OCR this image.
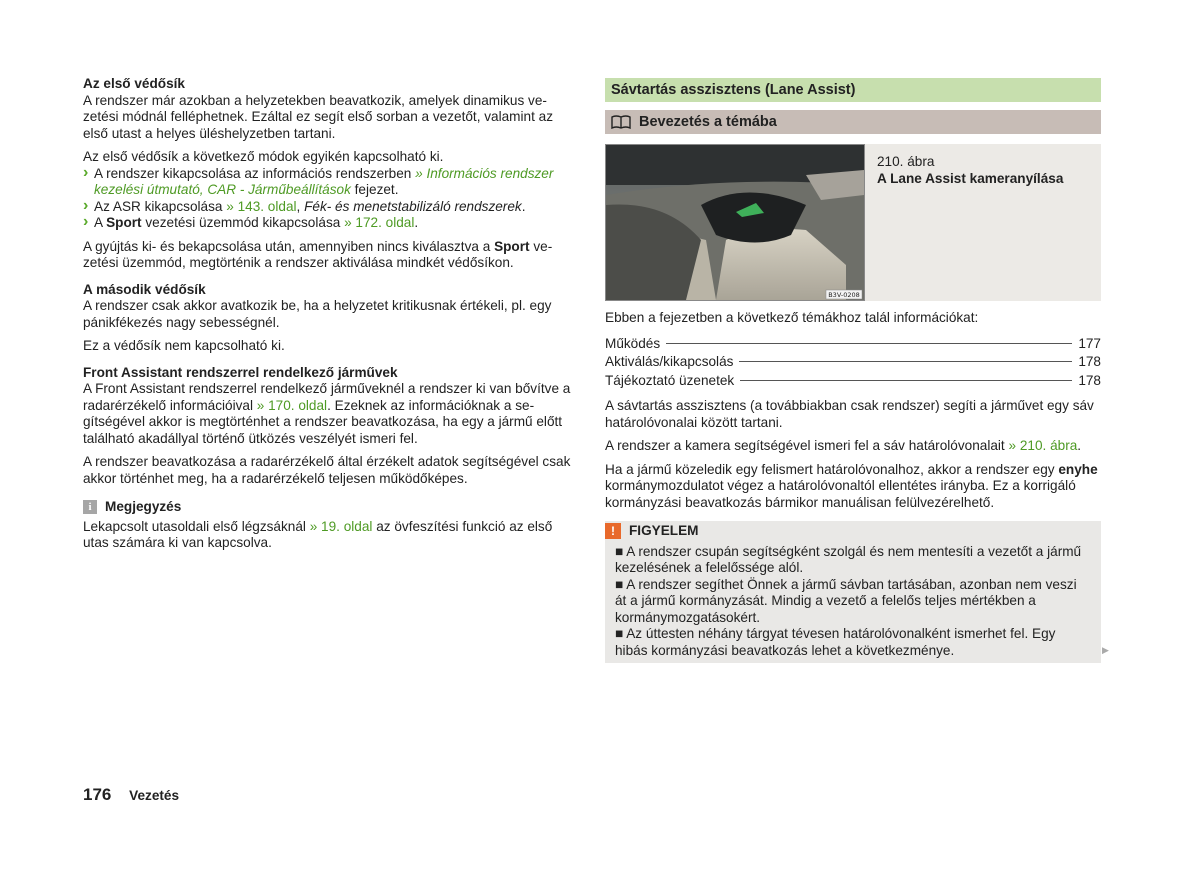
Az első védősík

A rendszer már azokban a helyzetekben beavatkozik, amelyek dinamikus vezetési módnál felléphetnek. Ezáltal ez segít első sorban a vezetőt, valamint az első utast a helyes üléshelyzetben tartani.

Az első védősík a következő módok egyikén kapcsolható ki.

› A rendszer kikapcsolása az információs rendszerben » Információs rendszer kezelési útmutató, CAR - Járműbeállítások fejezet.
› Az ASR kikapcsolása » 143. oldal, Fék- és menetstabilizáló rendszerek.
› A Sport vezetési üzemmód kikapcsolása » 172. oldal.

A gyújtás ki- és bekapcsolása után, amennyiben nincs kiválasztva a Sport vezetési üzemmód, megtörténik a rendszer aktiválása mindkét védősíkon.

A második védősík

A rendszer csak akkor avatkozik be, ha a helyzetet kritikusnak értékeli, pl. egy pánikfékezés nagy sebességnél.

Ez a védősík nem kapcsolható ki.

Front Assistant rendszerrel rendelkező járművek

A Front Assistant rendszerrel rendelkező járműveknél a rendszer ki van bővítve a radarérzékelő információival » 170. oldal. Ezeknek az információknak a segítségével akkor is megtörténhet a rendszer beavatkozása, ha egy a jármű előtt található akadállyal történő ütközés veszélyét ismeri fel.

A rendszer beavatkozása a radarérzékelő által érzékelt adatok segítségével csak akkor történhet meg, ha a radarérzékelő teljesen működőképes.

i Megjegyzés

Lekapcsolt utasoldali első légzsáknál » 19. oldal az övfeszítési funkció az első utas számára ki van kapcsolva.

Sávtartás asszisztens (Lane Assist)
Bevezetés a témába
B3V-0208
210. ábra
A Lane Assist kameranyílása

Ebben a fejezetben a következő témákhoz talál információkat:

Működés	177
Aktiválás/kikapcsolás	178
Tájékoztató üzenetek	178

A sávtartás asszisztens (a továbbiakban csak rendszer) segíti a járművet egy sáv határolóvonalai között tartani.

A rendszer a kamera segítségével ismeri fel a sáv határolóvonalait » 210. ábra.

Ha a jármű közeledik egy felismert határolóvonalhoz, akkor a rendszer egy enyhe kormánymozdulatot végez a határolóvonaltól ellentétes irányba. Ez a korrigáló kormányzási beavatkozás bármikor manuálisan felülvezérelhető.

!	FIGYELEM

■ A rendszer csupán segítségként szolgál és nem mentesíti a vezetőt a jármű kezelésének a felelőssége alól.

■ A rendszer segíthet Önnek a jármű sávban tartásában, azonban nem veszi át a jármű kormányzását. Mindig a vezető a felelős teljes mértékben a kormánymozgatásokért.

■ Az úttesten néhány tárgyat tévesen határolóvonalként ismerhet fel. Egy hibás kormányzási beavatkozás lehet a következménye.	▶
176 Vezetés
